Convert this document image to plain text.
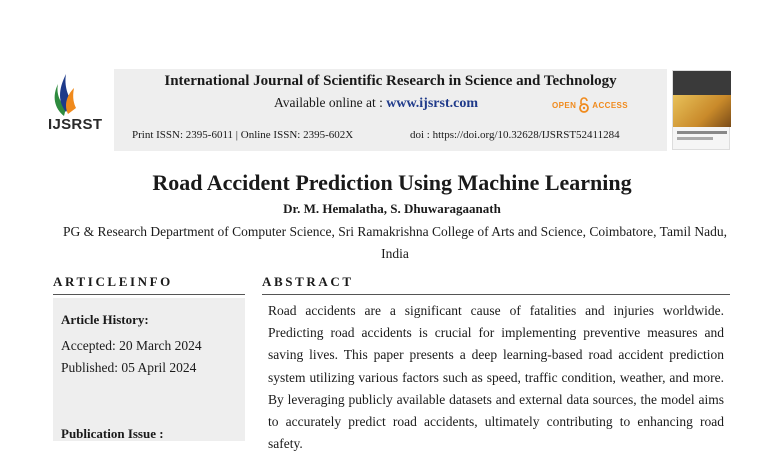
IJSRST
International Journal of Scientific Research in Science and Technology
Available online at : www.ijsrst.com	OPEN ACCESS
Print ISSN: 2395-6011 | Online ISSN: 2395-602X	doi : https://doi.org/10.32628/IJSRST52411284
Road Accident Prediction Using Machine Learning
Dr. M. Hemalatha, S. Dhuwaragaanath
PG & Research Department of Computer Science, Sri Ramakrishna College of Arts and Science, Coimbatore, Tamil Nadu, India
ARTICLEINFO
Article History:
Accepted: 20 March 2024
Published: 05 April 2024
Publication Issue :
ABSTRACT
Road accidents are a significant cause of fatalities and injuries worldwide. Predicting road accidents is crucial for implementing preventive measures and saving lives. This paper presents a deep learning-based road accident prediction system utilizing various factors such as speed, traffic condition, weather, and more. By leveraging publicly available datasets and external data sources, the model aims to accurately predict road accidents, ultimately contributing to enhancing road safety.
